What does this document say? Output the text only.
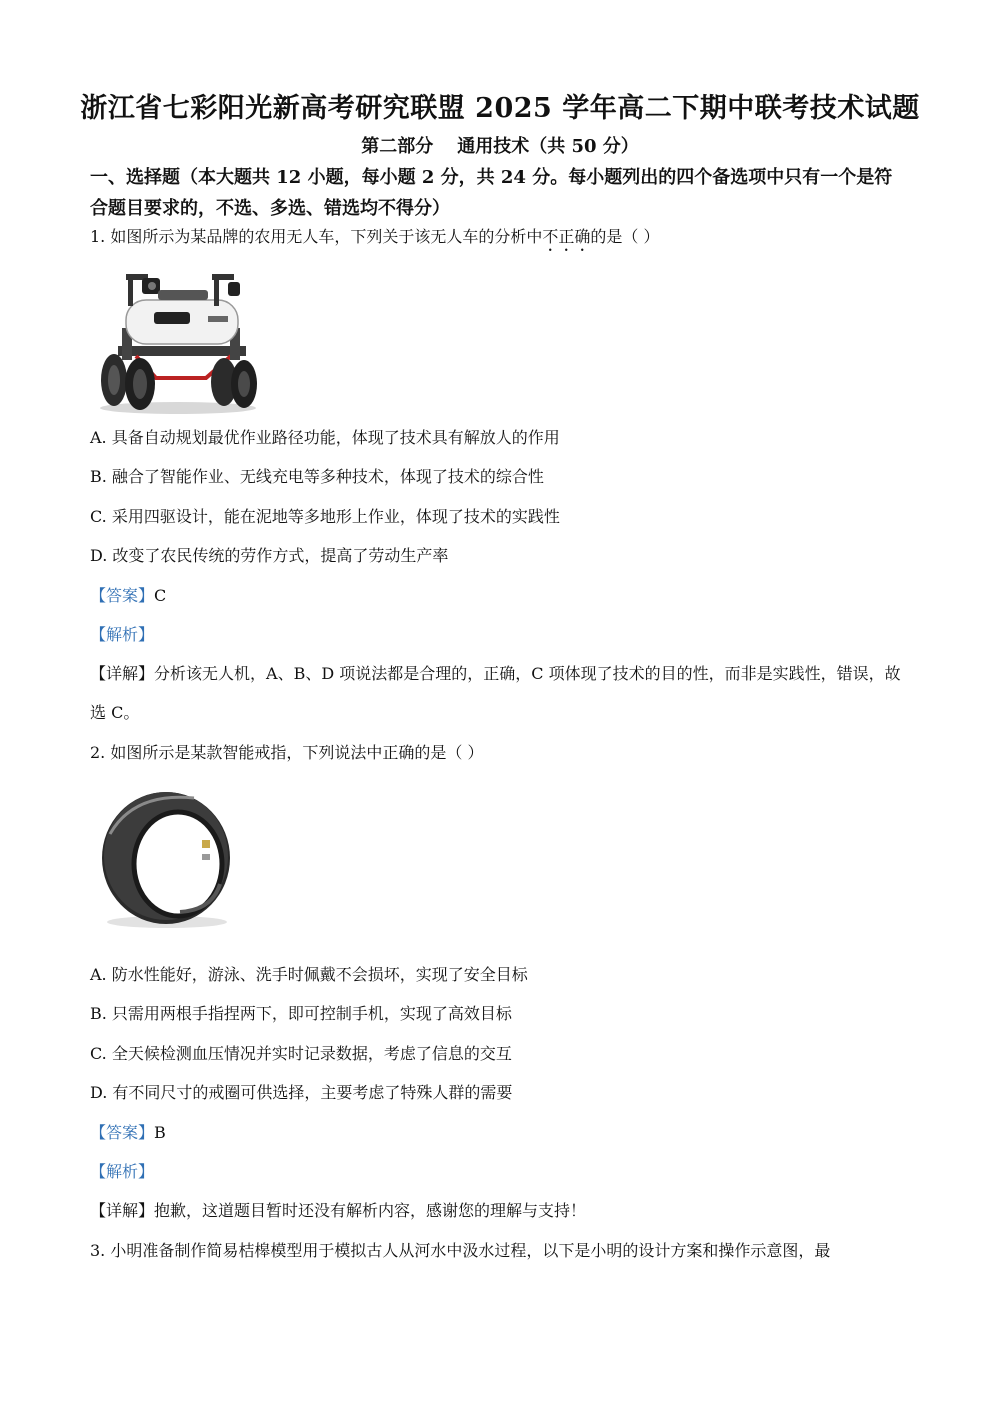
浙江省七彩阳光新高考研究联盟 2025 学年高二下期中联考技术试题
第二部分 通用技术（共 50 分）
一、选择题（本大题共 12 小题，每小题 2 分，共 24 分。每小题列出的四个备选项中只有一个是符合题目要求的，不选、多选、错选均不得分）
1. 如图所示为某品牌的农用无人车，下列关于该无人车的分析中不正确的是（ ）
A. 具备自动规划最优作业路径功能，体现了技术具有解放人的作用
B. 融合了智能作业、无线充电等多种技术，体现了技术的综合性
C. 采用四驱设计，能在泥地等多地形上作业，体现了技术的实践性
D. 改变了农民传统的劳作方式，提高了劳动生产率
【答案】C
【解析】
【详解】分析该无人机，A、B、D 项说法都是合理的，正确，C 项体现了技术的目的性，而非是实践性，错误，故选 C。
2. 如图所示是某款智能戒指，下列说法中正确的是（ ）
A. 防水性能好，游泳、洗手时佩戴不会损坏，实现了安全目标
B. 只需用两根手指捏两下，即可控制手机，实现了高效目标
C. 全天候检测血压情况并实时记录数据，考虑了信息的交互
D. 有不同尺寸的戒圈可供选择，主要考虑了特殊人群的需要
【答案】B
【解析】
【详解】抱歉，这道题目暂时还没有解析内容，感谢您的理解与支持！
3. 小明准备制作简易桔槔模型用于模拟古人从河水中汲水过程，以下是小明的设计方案和操作示意图，最
